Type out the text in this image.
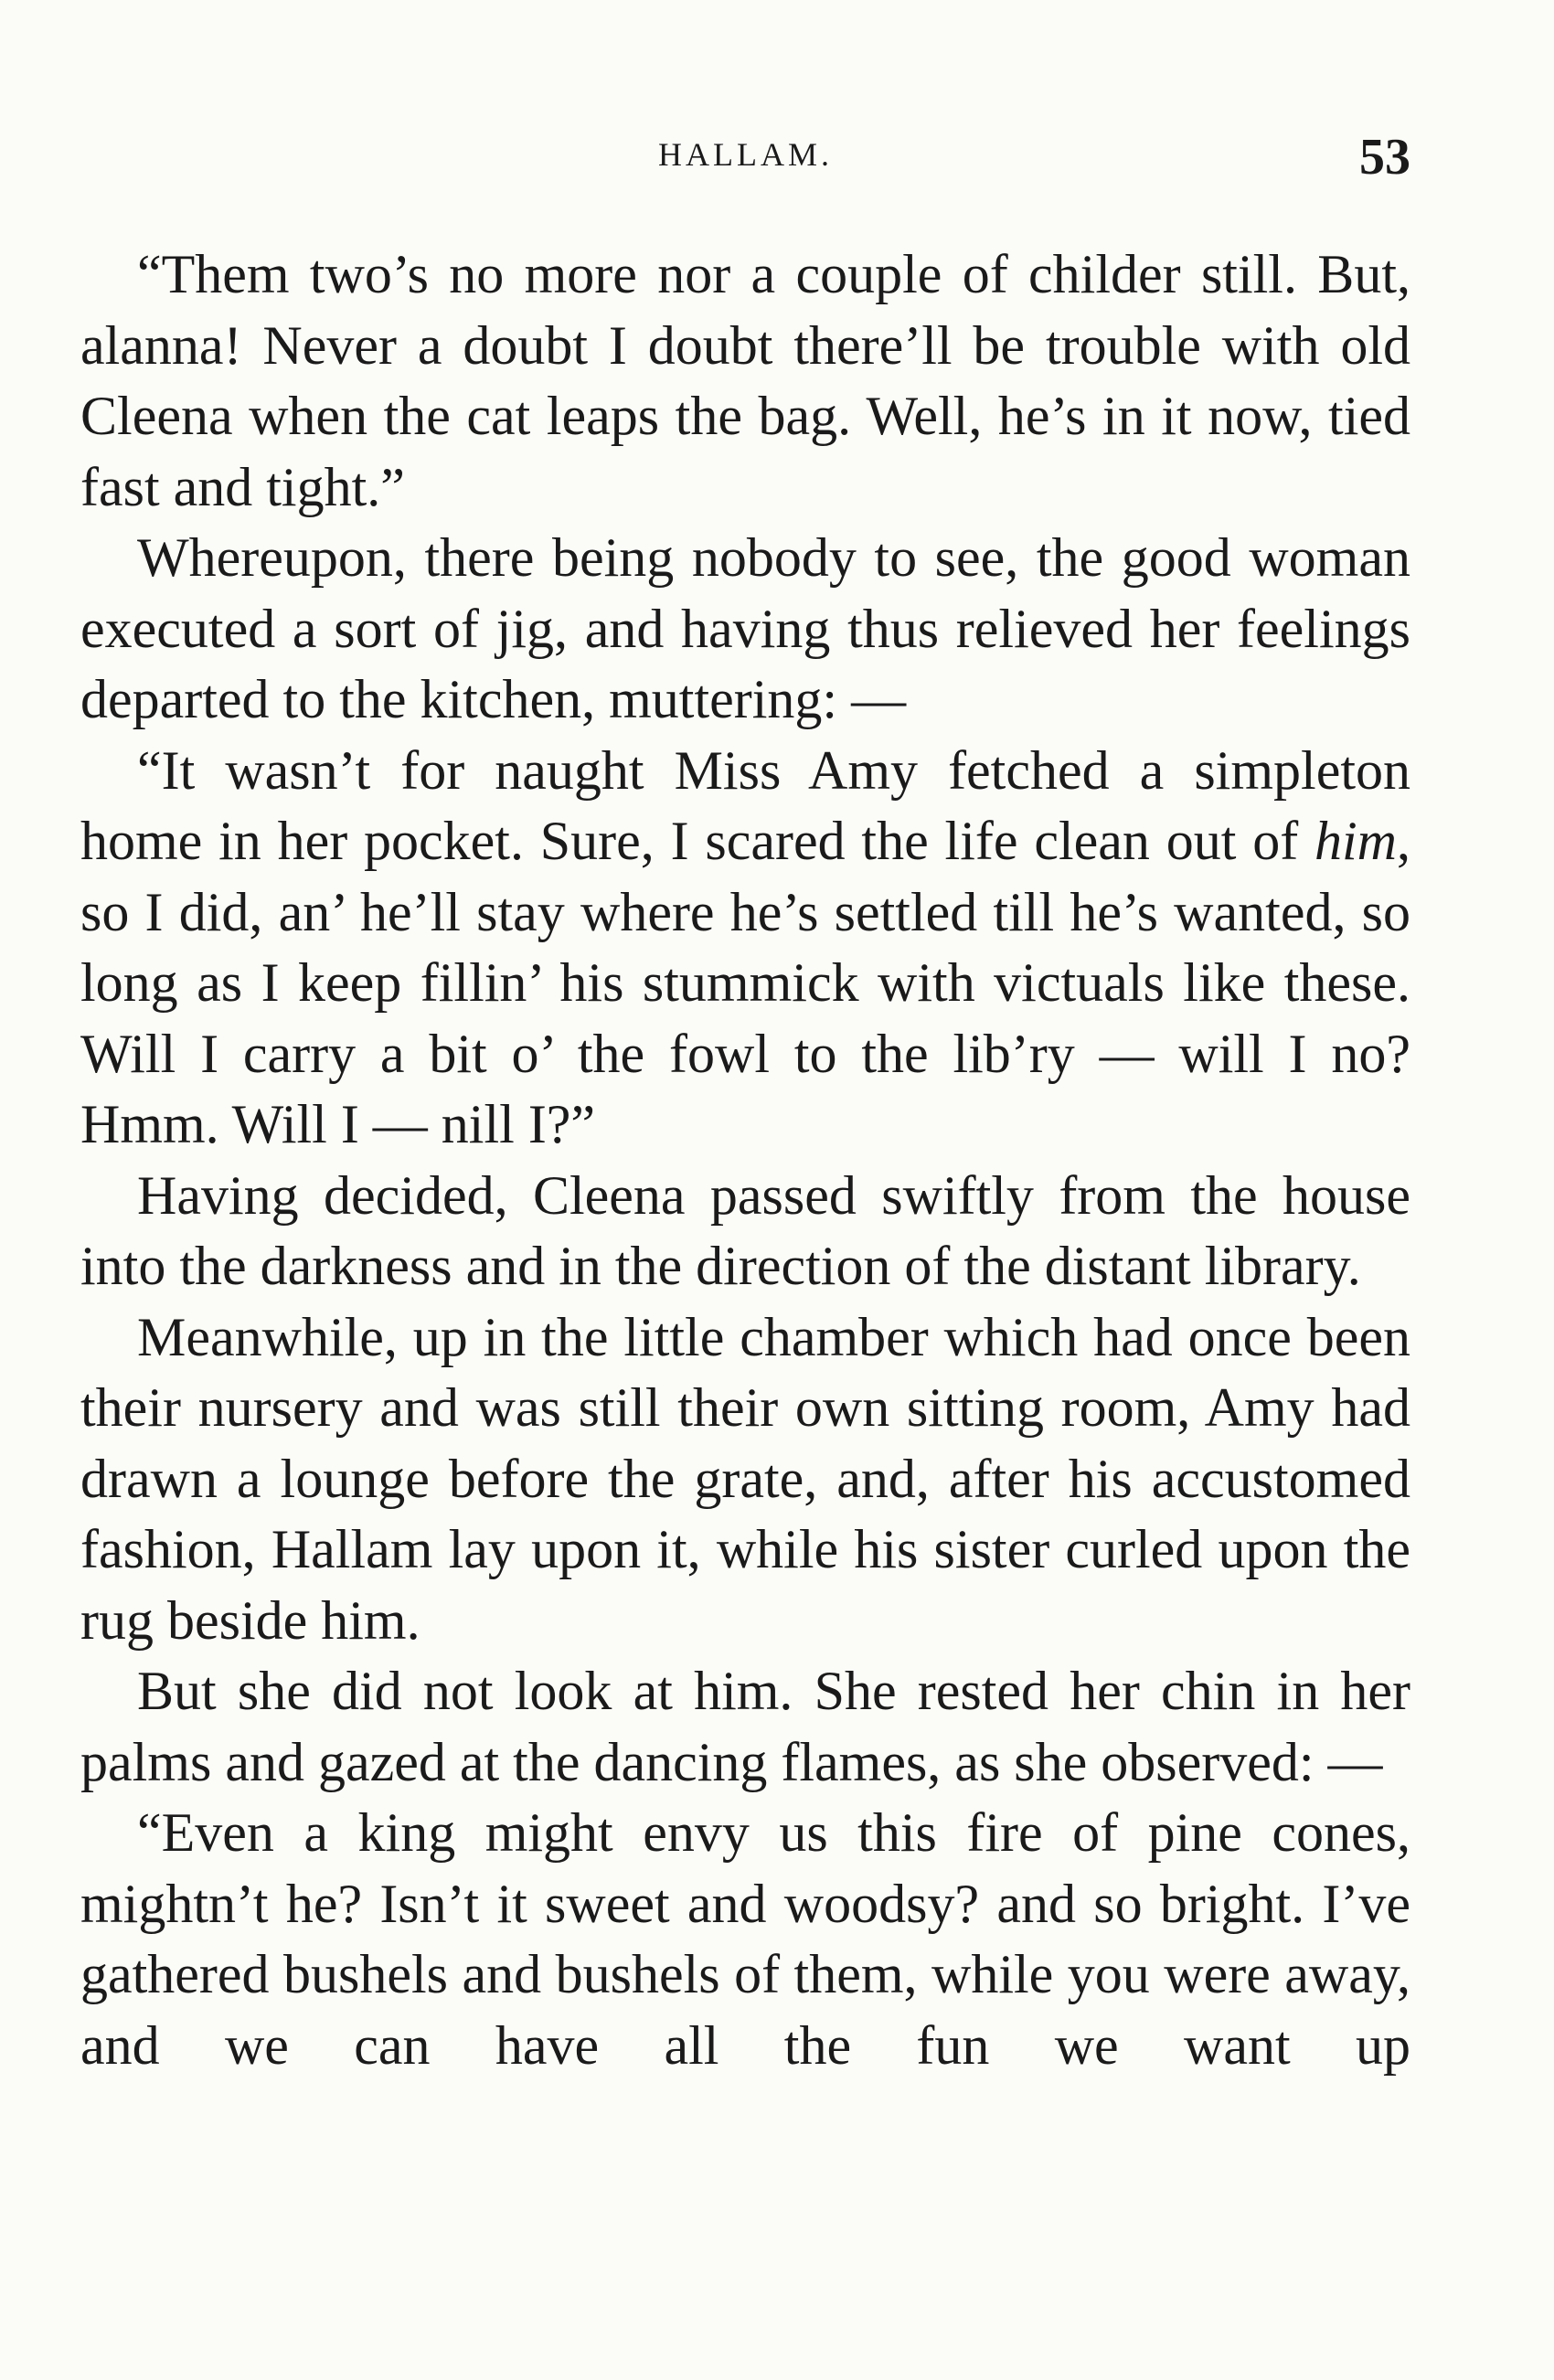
HALLAM.	53

“Them two’s no more nor a couple of childer still. But, alanna! Never a doubt I doubt there’ll be trouble with old Cleena when the cat leaps the bag. Well, he’s in it now, tied fast and tight.”

Whereupon, there being nobody to see, the good woman executed a sort of jig, and having thus relieved her feelings departed to the kitchen, muttering: —

“It wasn’t for naught Miss Amy fetched a simpleton home in her pocket. Sure, I scared the life clean out of him, so I did, an’ he’ll stay where he’s settled till he’s wanted, so long as I keep fillin’ his stummick with victuals like these. Will I carry a bit o’ the fowl to the lib’ry — will I no? Hmm. Will I — nill I?”

Having decided, Cleena passed swiftly from the house into the darkness and in the direction of the distant library.

Meanwhile, up in the little chamber which had once been their nursery and was still their own sitting room, Amy had drawn a lounge before the grate, and, after his accustomed fashion, Hallam lay upon it, while his sister curled upon the rug beside him.

But she did not look at him. She rested her chin in her palms and gazed at the dancing flames, as she observed: —

“Even a king might envy us this fire of pine cones, mightn’t he? Isn’t it sweet and woodsy? and so bright. I’ve gathered bushels and bushels of them, while you were away, and we can have all the fun we want up
